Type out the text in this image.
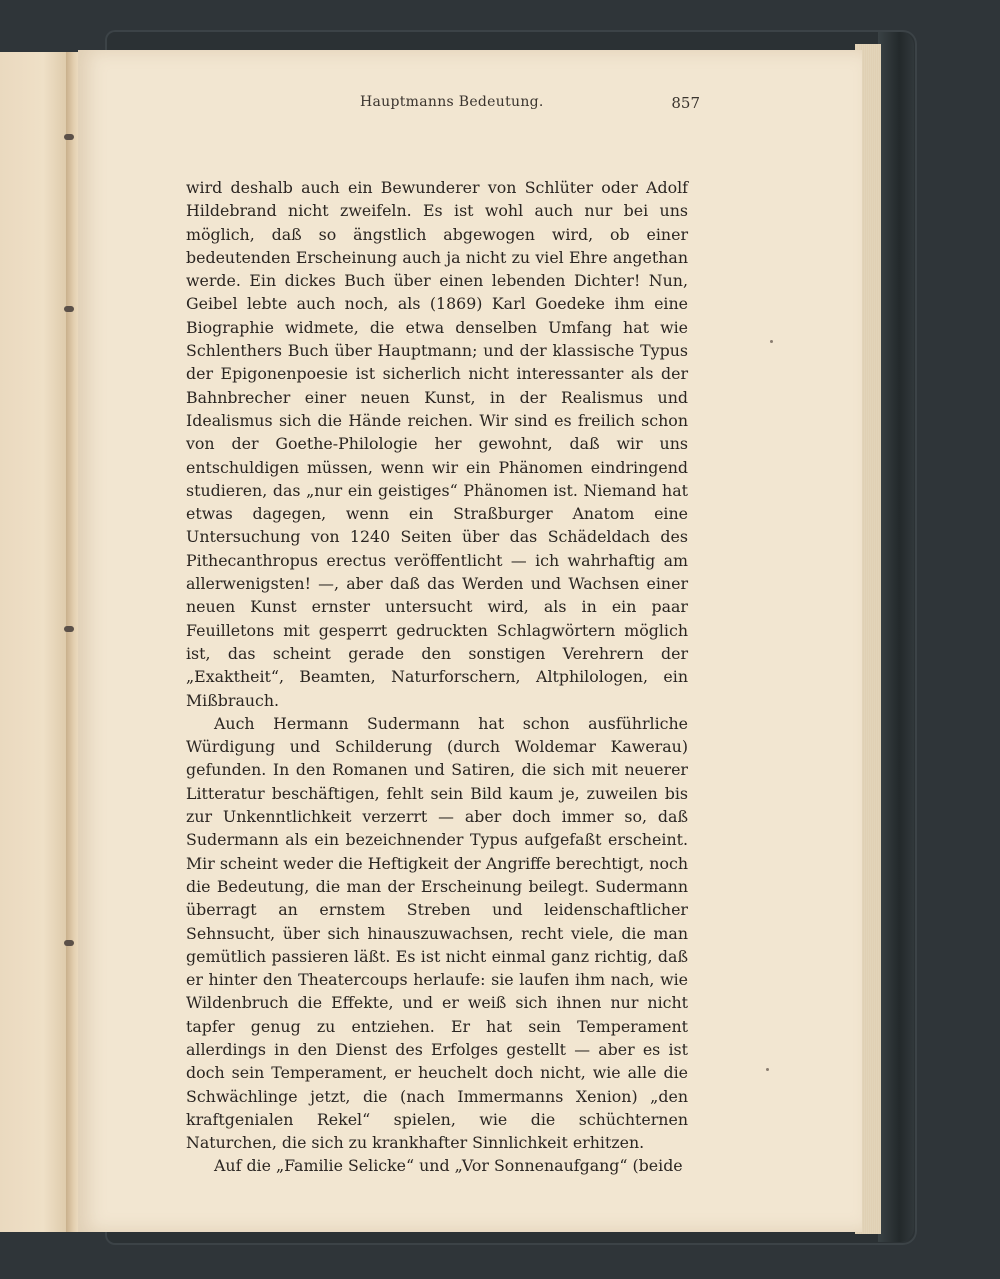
Hauptmanns Bedeutung.	857

wird deshalb auch ein Bewunderer von Schlüter oder Adolf Hildebrand nicht zweifeln. Es ist wohl auch nur bei uns möglich, daß so ängstlich abgewogen wird, ob einer bedeutenden Erscheinung auch ja nicht zu viel Ehre angethan werde. Ein dickes Buch über einen lebenden Dichter! Nun, Geibel lebte auch noch, als (1869) Karl Goedeke ihm eine Biographie widmete, die etwa denselben Umfang hat wie Schlenthers Buch über Hauptmann; und der klassische Typus der Epigonenpoesie ist sicherlich nicht interessanter als der Bahnbrecher einer neuen Kunst, in der Realismus und Idealismus sich die Hände reichen. Wir sind es freilich schon von der Goethe-Philologie her gewohnt, daß wir uns entschuldigen müssen, wenn wir ein Phänomen eindringend studieren, das „nur ein geistiges“ Phänomen ist. Niemand hat etwas dagegen, wenn ein Straßburger Anatom eine Untersuchung von 1240 Seiten über das Schädeldach des Pithecanthropus erectus veröffentlicht — ich wahrhaftig am allerwenigsten! —, aber daß das Werden und Wachsen einer neuen Kunst ernster untersucht wird, als in ein paar Feuilletons mit gesperrt gedruckten Schlagwörtern möglich ist, das scheint gerade den sonstigen Verehrern der „Exaktheit“, Beamten, Naturforschern, Altphilologen, ein Mißbrauch.

Auch Hermann Sudermann hat schon ausführliche Würdigung und Schilderung (durch Woldemar Kawerau) gefunden. In den Romanen und Satiren, die sich mit neuerer Litteratur beschäftigen, fehlt sein Bild kaum je, zuweilen bis zur Unkenntlichkeit verzerrt — aber doch immer so, daß Sudermann als ein bezeichnender Typus aufgefaßt erscheint. Mir scheint weder die Heftigkeit der Angriffe berechtigt, noch die Bedeutung, die man der Erscheinung beilegt. Sudermann überragt an ernstem Streben und leidenschaftlicher Sehnsucht, über sich hinauszuwachsen, recht viele, die man gemütlich passieren läßt. Es ist nicht einmal ganz richtig, daß er hinter den Theatercoups herlaufe: sie laufen ihm nach, wie Wildenbruch die Effekte, und er weiß sich ihnen nur nicht tapfer genug zu entziehen. Er hat sein Temperament allerdings in den Dienst des Erfolges gestellt — aber es ist doch sein Temperament, er heuchelt doch nicht, wie alle die Schwächlinge jetzt, die (nach Immermanns Xenion) „den kraftgenialen Rekel“ spielen, wie die schüchternen Naturchen, die sich zu krankhafter Sinnlichkeit erhitzen.

Auf die „Familie Selicke“ und „Vor Sonnenaufgang“ (beide
